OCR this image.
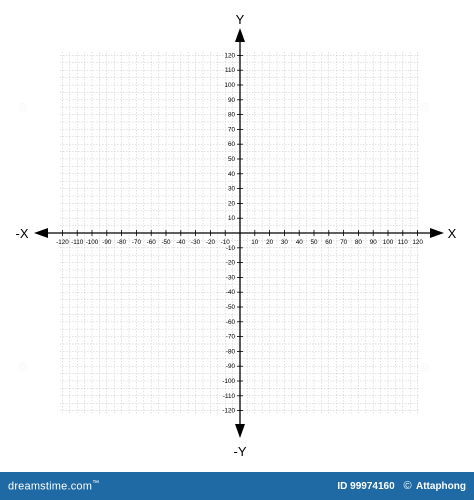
-120 -110 -100 -90 -80 -70 -60 -50 -40 -30 -20 -10	10 20 30 40 50 60 70 80 90 100 110 120
-120
-110
-100
-90
-80
-70
-60
-50
-40
-30
-20
-10
10
20
30
40
50
60
70
80
90
100
110
120
Y
-Y
-X	X
◎	◎
◎	◎
dreamstime.com™	ID 99974160 © Attaphong
